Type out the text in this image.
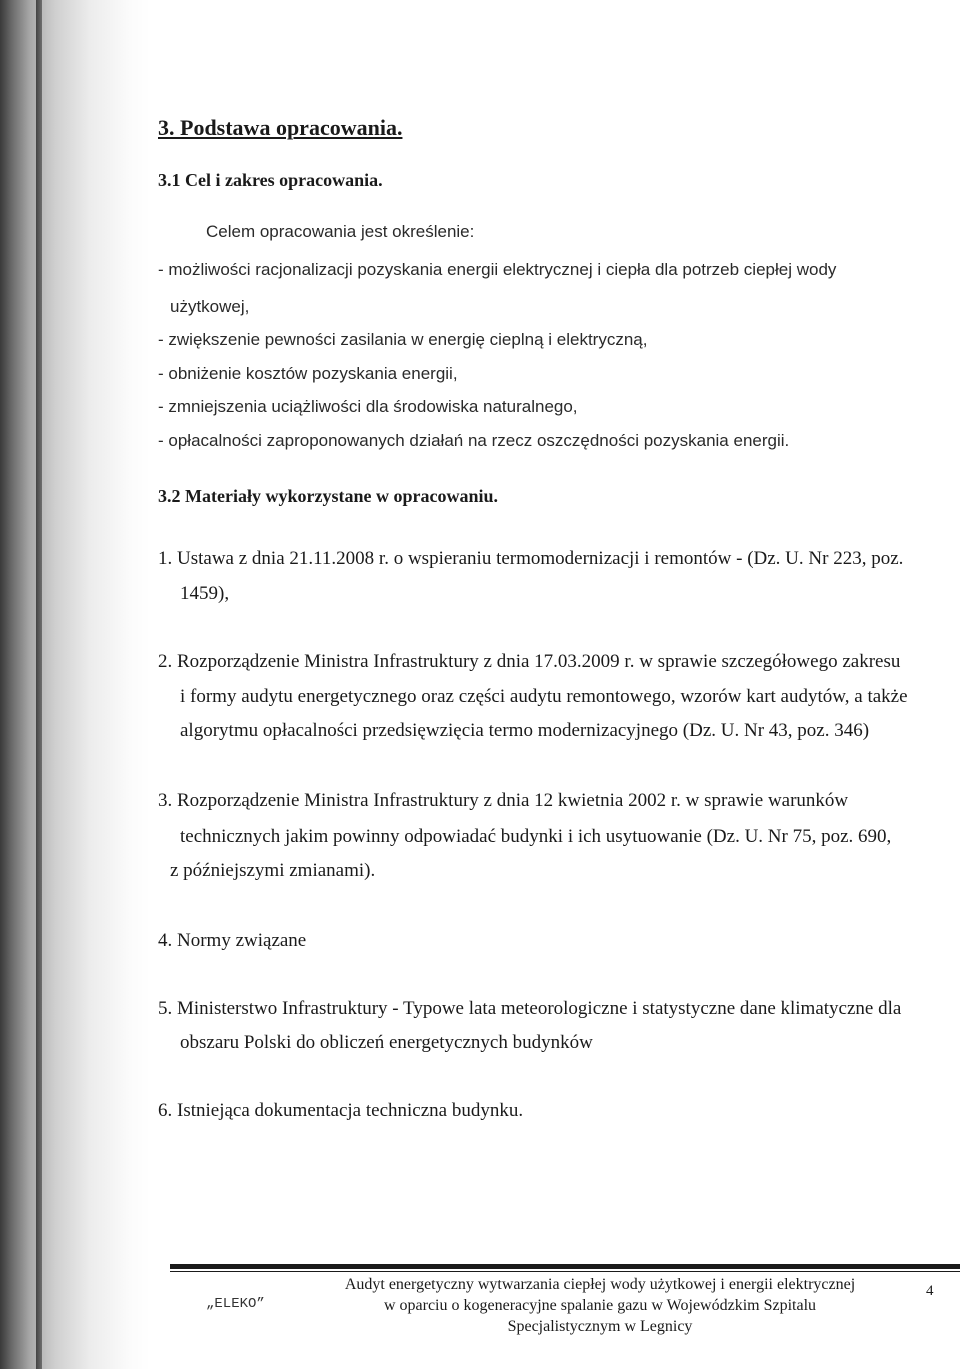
3. Podstawa opracowania.
3.1 Cel i zakres opracowania.
Celem opracowania jest określenie:
- możliwości racjonalizacji pozyskania energii elektrycznej i ciepła dla potrzeb ciepłej wody
użytkowej,
- zwiększenie pewności zasilania w energię cieplną i elektryczną,
- obniżenie kosztów pozyskania energii,
- zmniejszenia uciążliwości dla środowiska naturalnego,
- opłacalności zaproponowanych działań na rzecz oszczędności pozyskania energii.
3.2 Materiały wykorzystane w opracowaniu.
1. Ustawa z dnia 21.11.2008 r. o wspieraniu termomodernizacji i remontów - (Dz. U. Nr 223, poz.
1459),
2. Rozporządzenie Ministra Infrastruktury z dnia 17.03.2009 r. w sprawie szczegółowego zakresu
i formy audytu energetycznego oraz części audytu remontowego, wzorów kart audytów, a także
algorytmu opłacalności przedsięwzięcia termo modernizacyjnego (Dz. U. Nr 43, poz. 346)
3. Rozporządzenie Ministra Infrastruktury z dnia 12 kwietnia 2002 r. w sprawie warunków
technicznych jakim powinny odpowiadać budynki i ich usytuowanie (Dz. U. Nr 75, poz. 690,
z późniejszymi zmianami).
4. Normy związane
5. Ministerstwo Infrastruktury - Typowe lata meteorologiczne i statystyczne dane klimatyczne dla
obszaru Polski do obliczeń energetycznych budynków
6. Istniejąca dokumentacja techniczna budynku.
„ELEKO”
Audyt energetyczny wytwarzania ciepłej wody użytkowej i energii elektrycznej
w oparciu o kogeneracyjne spalanie gazu w Wojewódzkim Szpitalu
Specjalistycznym w Legnicy
4
